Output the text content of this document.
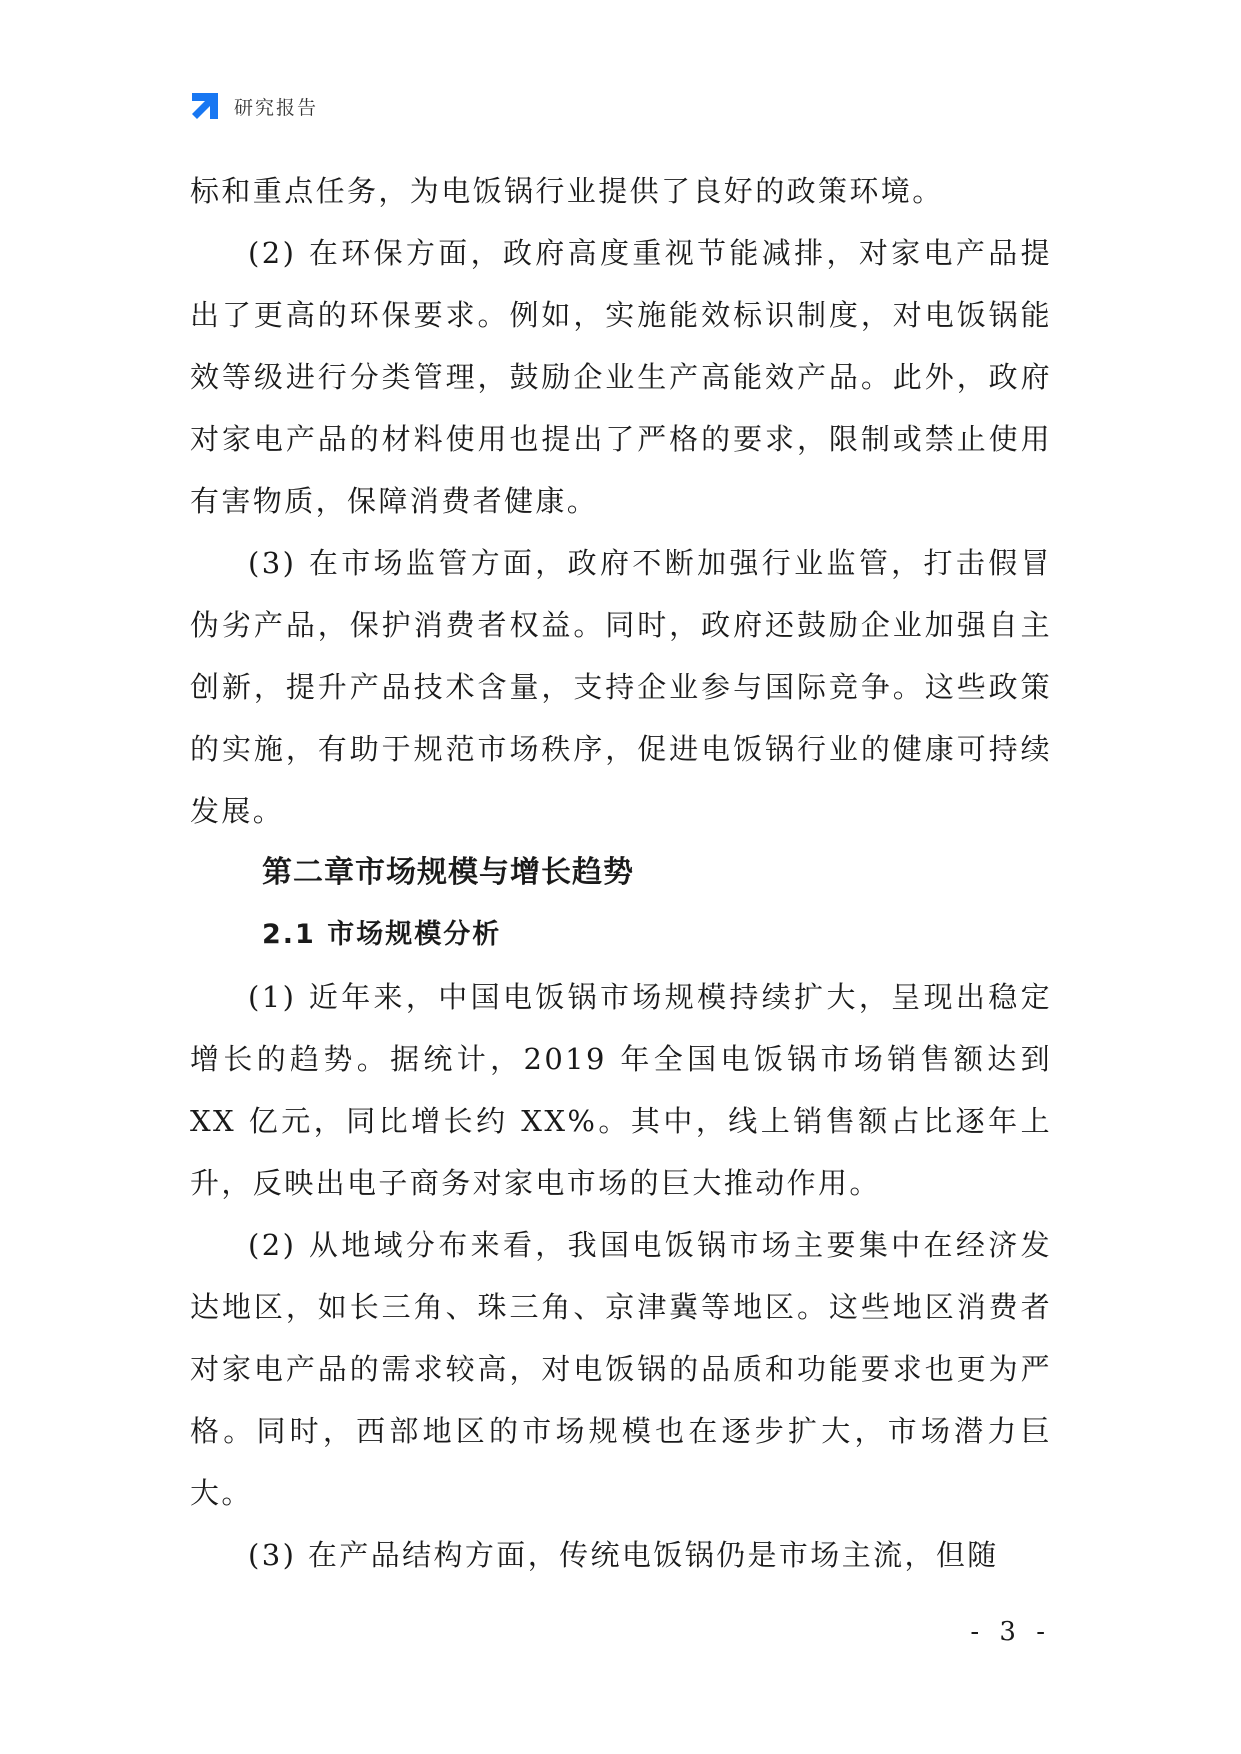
研究报告

标和重点任务，为电饭锅行业提供了良好的政策环境。

(2) 在环保方面，政府高度重视节能减排，对家电产品提出了更高的环保要求。例如，实施能效标识制度，对电饭锅能效等级进行分类管理，鼓励企业生产高能效产品。此外，政府对家电产品的材料使用也提出了严格的要求，限制或禁止使用有害物质，保障消费者健康。

(3) 在市场监管方面，政府不断加强行业监管，打击假冒伪劣产品，保护消费者权益。同时，政府还鼓励企业加强自主创新，提升产品技术含量，支持企业参与国际竞争。这些政策的实施，有助于规范市场秩序，促进电饭锅行业的健康可持续发展。

第二章市场规模与增长趋势
2.1 市场规模分析

(1) 近年来，中国电饭锅市场规模持续扩大，呈现出稳定增长的趋势。据统计，2019 年全国电饭锅市场销售额达到 XX 亿元，同比增长约 XX%。其中，线上销售额占比逐年上升，反映出电子商务对家电市场的巨大推动作用。

(2) 从地域分布来看，我国电饭锅市场主要集中在经济发达地区，如长三角、珠三角、京津冀等地区。这些地区消费者对家电产品的需求较高，对电饭锅的品质和功能要求也更为严格。同时，西部地区的市场规模也在逐步扩大，市场潜力巨大。

(3) 在产品结构方面，传统电饭锅仍是市场主流，但随

- 3 -
